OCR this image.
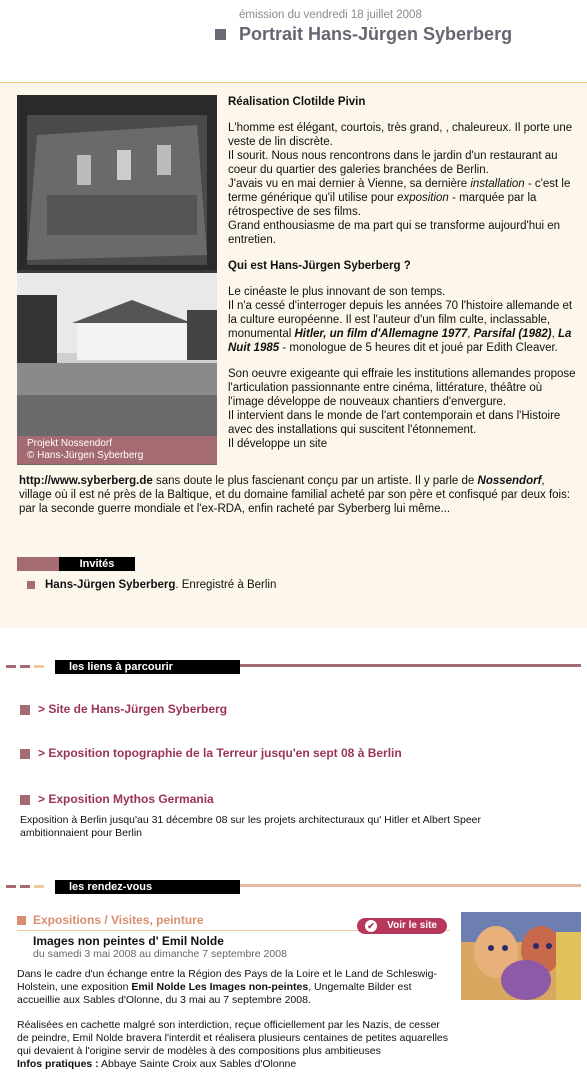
émission du vendredi 18 juillet 2008
Portrait Hans-Jürgen Syberberg
Projekt Nossendorf
© Hans-Jürgen Syberberg

Réalisation Clotilde Pivin

L'homme est élégant, courtois, très grand, , chaleureux. Il porte une veste de lin discrète.
Il sourit. Nous nous rencontrons dans le jardin d'un restaurant au coeur du quartier des galeries branchées de Berlin.
J'avais vu en mai dernier à Vienne, sa dernière installation - c'est le terme générique qu'il utilise pour exposition - marquée par la rétrospective de ses films.
Grand enthousiasme de ma part qui se transforme aujourd'hui en entretien.

Qui est Hans-Jürgen Syberberg ?

Le cinéaste le plus innovant de son temps.
Il n'a cessé d'interroger depuis les années 70 l'histoire allemande et la culture européenne. Il est l'auteur d'un film culte, inclassable, monumental Hitler, un film d'Allemagne 1977, Parsifal (1982), La Nuit 1985 - monologue de 5 heures dit et joué par Edith Cleaver.

Son oeuvre exigeante qui effraie les institutions allemandes propose l'articulation passionnante entre cinéma, littérature, théâtre où l'image développe de nouveaux chantiers d'envergure.
Il intervient dans le monde de l'art contemporain et dans l'Histoire avec des installations qui suscitent l'étonnement.
Il développe un site

http://www.syberberg.de sans doute le plus fascienant conçu par un artiste. Il y parle de Nossendorf, village où il est né près de la Baltique, et du domaine familial acheté par son père et confisqué par deux fois: par la seconde guerre mondiale et l'ex-RDA, enfin racheté par Syberberg lui même...
Invités
Hans-Jürgen Syberberg. Enregistré à Berlin
les liens à parcourir
> Site de Hans-Jürgen Syberberg
> Exposition topographie de la Terreur jusqu'en sept 08 à Berlin
> Exposition Mythos Germania
Exposition à Berlin jusqu'au 31 décembre 08 sur les projets architecturaux qu' Hitler et Albert Speer ambitionnaient pour Berlin
les rendez-vous
Expositions / Visites, peinture	✔ Voir le site
Images non peintes d' Emil Nolde
du samedi 3 mai 2008 au dimanche 7 septembre 2008

Dans le cadre d'un échange entre la Région des Pays de la Loire et le Land de Schleswig-Holstein, une exposition Emil Nolde Les Images non-peintes, Ungemalte Bilder est accueillie aux Sables d'Olonne, du 3 mai au 7 septembre 2008.

Réalisées en cachette malgré son interdiction, reçue officiellement par les Nazis, de cesser de peindre, Emil Nolde bravera l'interdit et réalisera plusieurs centaines de petites aquarelles qui devaient à l'origine servir de modèles à des compositions plus ambitieuses
Infos pratiques : Abbaye Sainte Croix aux Sables d'Olonne
